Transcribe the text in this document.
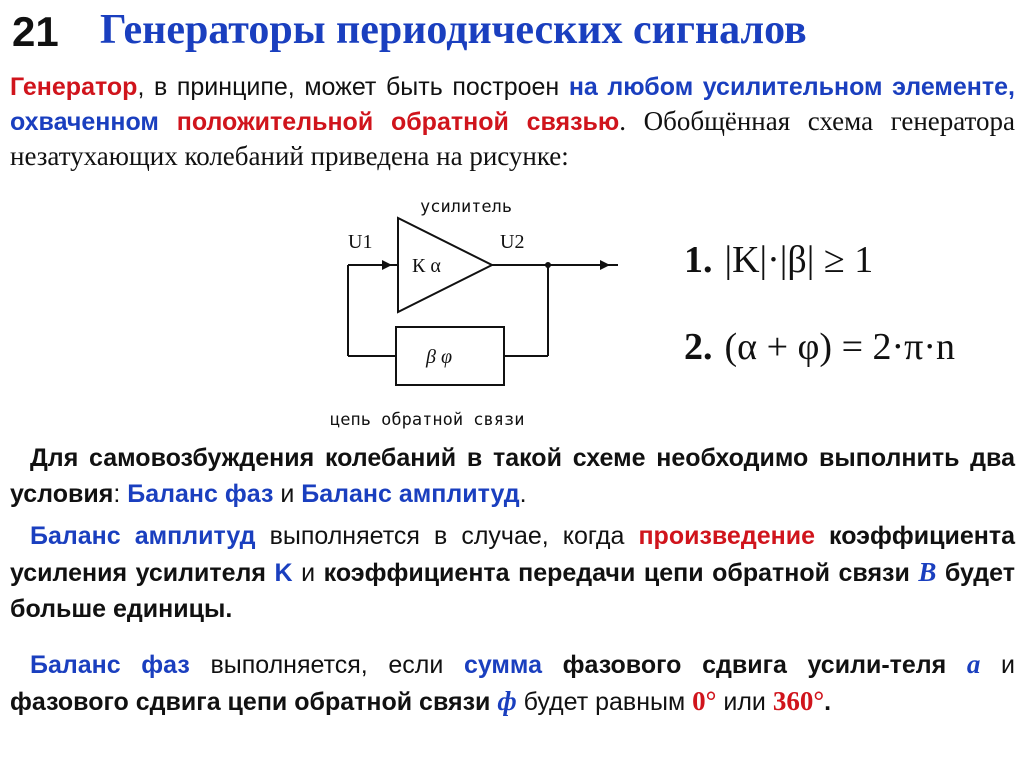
21 Генераторы периодических сигналов
Генератор, в принципе, может быть построен на любом усилительном элементе, охваченном положительной обратной связью. Обобщённая схема генератора незатухающих колебаний приведена на рисунке:
усилитель
U1	U2
цепь обратной связи
К α
β φ
1. |K|·|β| ≥ 1
2. (α + φ) = 2·π·n
Для самовозбуждения колебаний в такой схеме необходимо выполнить два условия: Баланс фаз и Баланс амплитуд.
Баланс амплитуд выполняется в случае, когда произведение коэффициента усиления усилителя K и коэффициента передачи цепи обратной связи B будет больше единицы.
Баланс фаз выполняется, если сумма фазового сдвига усили-теля a и фазового сдвига цепи обратной связи ф будет равным 0° или 360°.
